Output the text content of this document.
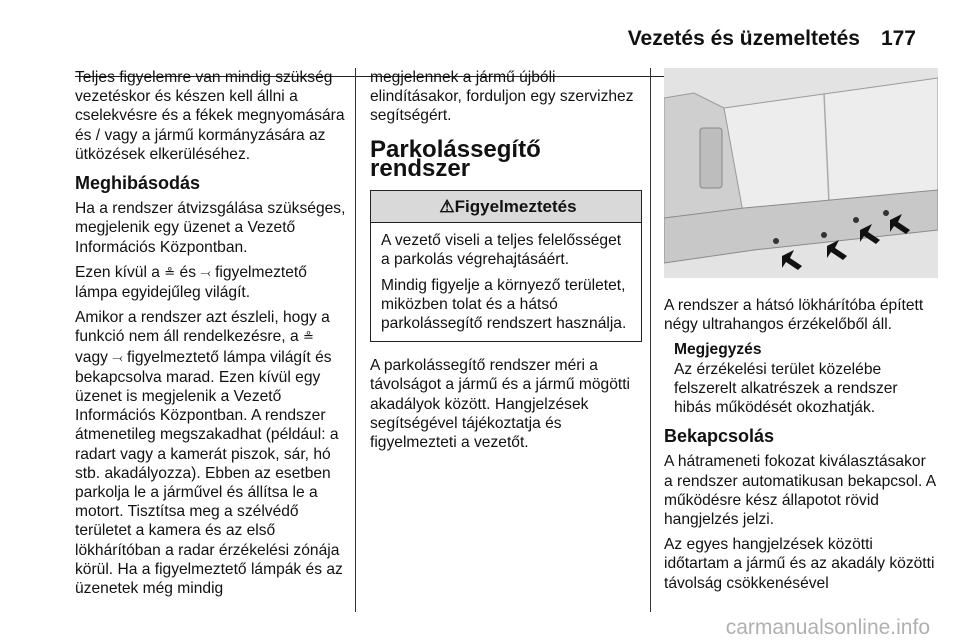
Vezetés és üzemeltetés 177

Teljes figyelemre van mindig szükség vezetéskor és készen kell állni a cselekvésre és a fékek megnyomására és / vagy a jármű kormányzására az ütközések elkerüléséhez.

Meghibásodás

Ha a rendszer átvizsgálása szükséges, megjelenik egy üzenet a Vezető Információs Központban.

Ezen kívül a ≗ és ⤙ figyelmeztető lámpa egyidejűleg világít.

Amikor a rendszer azt észleli, hogy a funkció nem áll rendelkezésre, a ≗ vagy ⤙ figyelmeztető lámpa világít és bekapcsolva marad. Ezen kívül egy üzenet is megjelenik a Vezető Információs Központban. A rendszer átmenetileg megszakadhat (például: a radart vagy a kamerát piszok, sár, hó stb. akadályozza). Ebben az esetben parkolja le a járművel és állítsa le a motort. Tisztítsa meg a szélvédő területet a kamera és az első lökhárítóban a radar érzékelési zónája körül. Ha a figyelmeztető lámpák és az üzenetek még mindig

megjelennek a jármű újbóli elindításakor, forduljon egy szervizhez segítségért.

Parkolássegítő rendszer
⚠Figyelmeztetés

A vezető viseli a teljes felelősséget a parkolás végrehajtásáért.

Mindig figyelje a környező területet, miközben tolat és a hátsó parkolássegítő rendszert használja.

A parkolássegítő rendszer méri a távolságot a jármű és a jármű mögötti akadályok között. Hangjelzések segítségével tájékoztatja és figyelmezteti a vezetőt.

A rendszer a hátsó lökhárítóba épített négy ultrahangos érzékelőből áll.

Megjegyzés

Az érzékelési terület közelébe felszerelt alkatrészek a rendszer hibás működését okozhatják.

Bekapcsolás

A hátrameneti fokozat kiválasztásakor a rendszer automatikusan bekapcsol. A működésre kész állapotot rövid hangjelzés jelzi.

Az egyes hangjelzések közötti időtartam a jármű és az akadály közötti távolság csökkenésével

carmanualsonline.info
